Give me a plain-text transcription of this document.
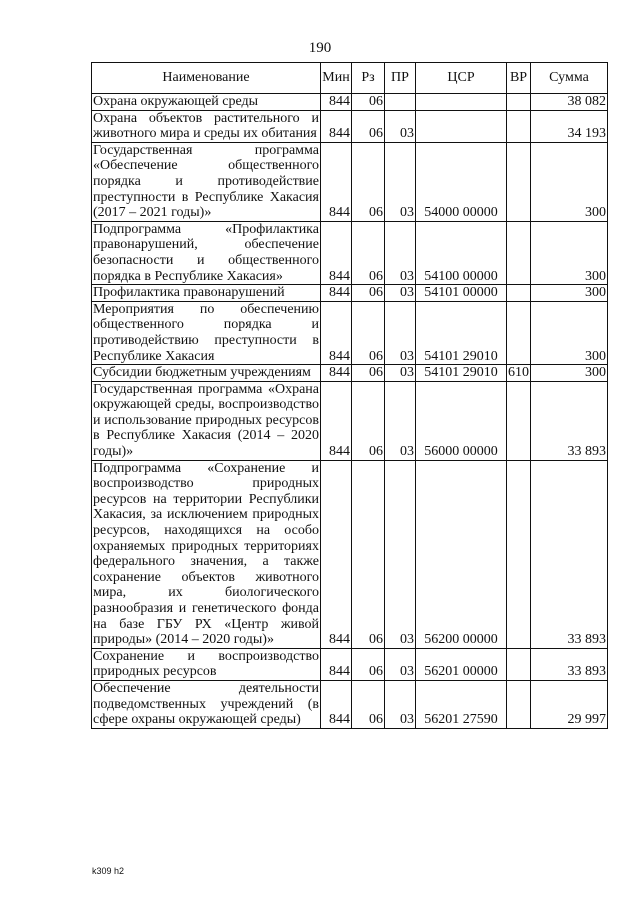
190
Наименование	Мин	Рз	ПР	ЦСР	ВР	Сумма
Охрана окружающей среды	844	06				38 082
Охрана объектов растительного и животного мира и среды их обитания	844	06	03			34 193
Государственная программа «Обеспечение общественного порядка и противодействие преступности в Республике Хакасия (2017 – 2021 годы)»	844	06	03	54000 00000		300
Подпрограмма «Профилактика правонарушений, обеспечение безопасности и общественного порядка в Республике Хакасия»	844	06	03	54100 00000		300
Профилактика правонарушений	844	06	03	54101 00000		300
Мероприятия по обеспечению общественного порядка и противодействию преступности в Республике Хакасия	844	06	03	54101 29010		300
Субсидии бюджетным учреждениям	844	06	03	54101 29010	610	300
Государственная программа «Охрана окружающей среды, воспроизводство и использование природных ресурсов в Республике Хакасия (2014 – 2020 годы)»	844	06	03	56000 00000		33 893
Подпрограмма «Сохранение и воспроизводство природных ресурсов на территории Республики Хакасия, за исключением природных ресурсов, находящихся на особо охраняемых природных территориях федерального значения, а также сохранение объектов животного мира, их биологического разнообразия и генетического фонда на базе ГБУ РХ «Центр живой природы» (2014 – 2020 годы)»	844	06	03	56200 00000		33 893
Сохранение и воспроизводство природных ресурсов	844	06	03	56201 00000		33 893
Обеспечение деятельности подведомственных учреждений (в сфере охраны окружающей среды)	844	06	03	56201 27590		29 997
k309 h2
